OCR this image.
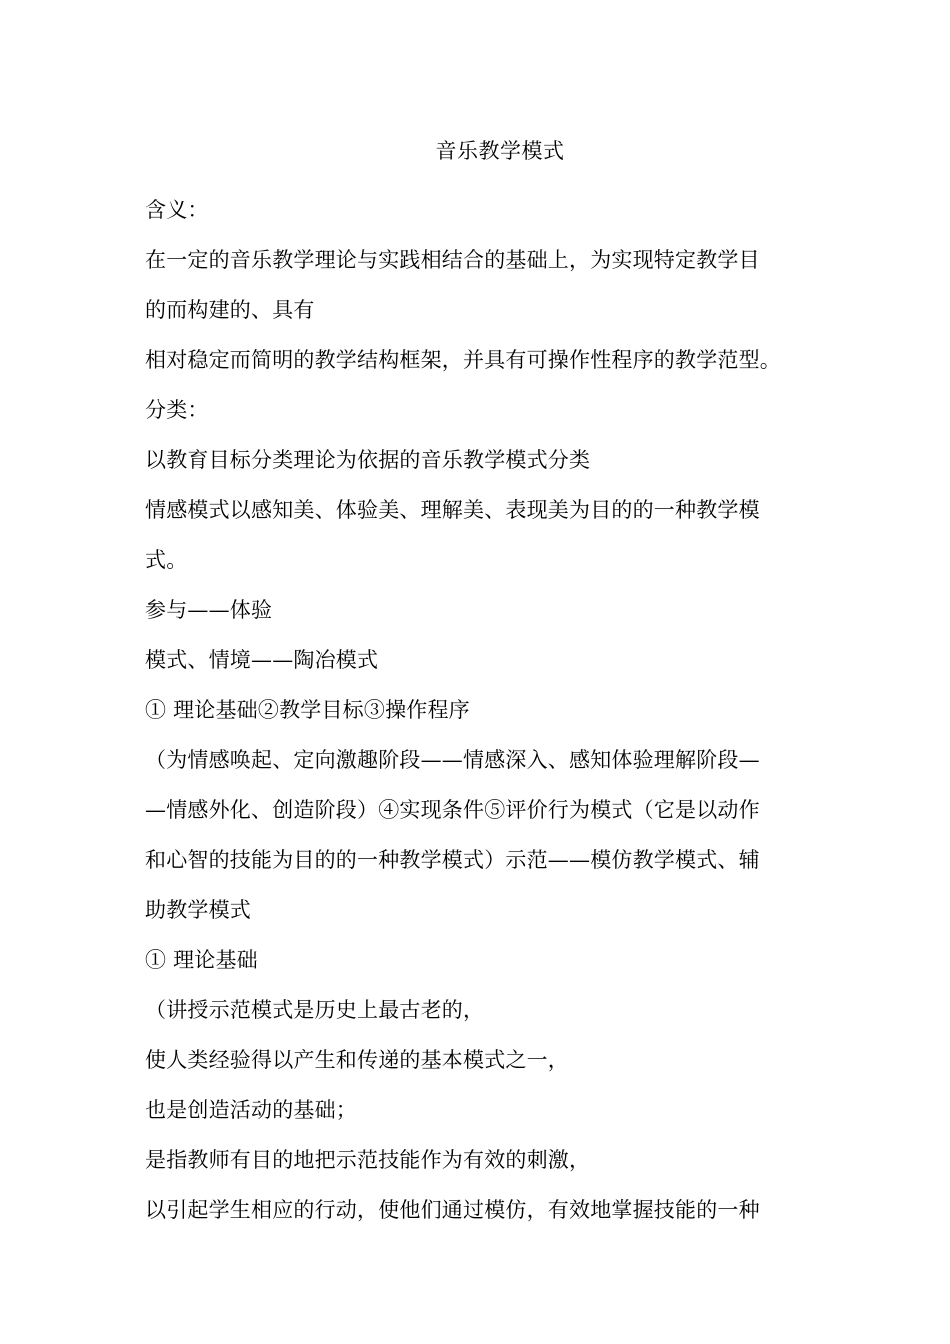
音乐教学模式
含义：
在一定的音乐教学理论与实践相结合的基础上，为实现特定教学目
的而构建的、具有
相对稳定而简明的教学结构框架，并具有可操作性程序的教学范型。
分类：
以教育目标分类理论为依据的音乐教学模式分类
情感模式以感知美、体验美、理解美、表现美为目的的一种教学模
式。
参与——体验
模式、情境——陶冶模式
① 理论基础②教学目标③操作程序
（为情感唤起、定向激趣阶段——情感深入、感知体验理解阶段—
—情感外化、创造阶段）④实现条件⑤评价行为模式（它是以动作
和心智的技能为目的的一种教学模式）示范——模仿教学模式、辅
助教学模式
① 理论基础
（讲授示范模式是历史上最古老的，
使人类经验得以产生和传递的基本模式之一，
也是创造活动的基础；
是指教师有目的地把示范技能作为有效的刺激，
以引起学生相应的行动，使他们通过模仿，有效地掌握技能的一种
